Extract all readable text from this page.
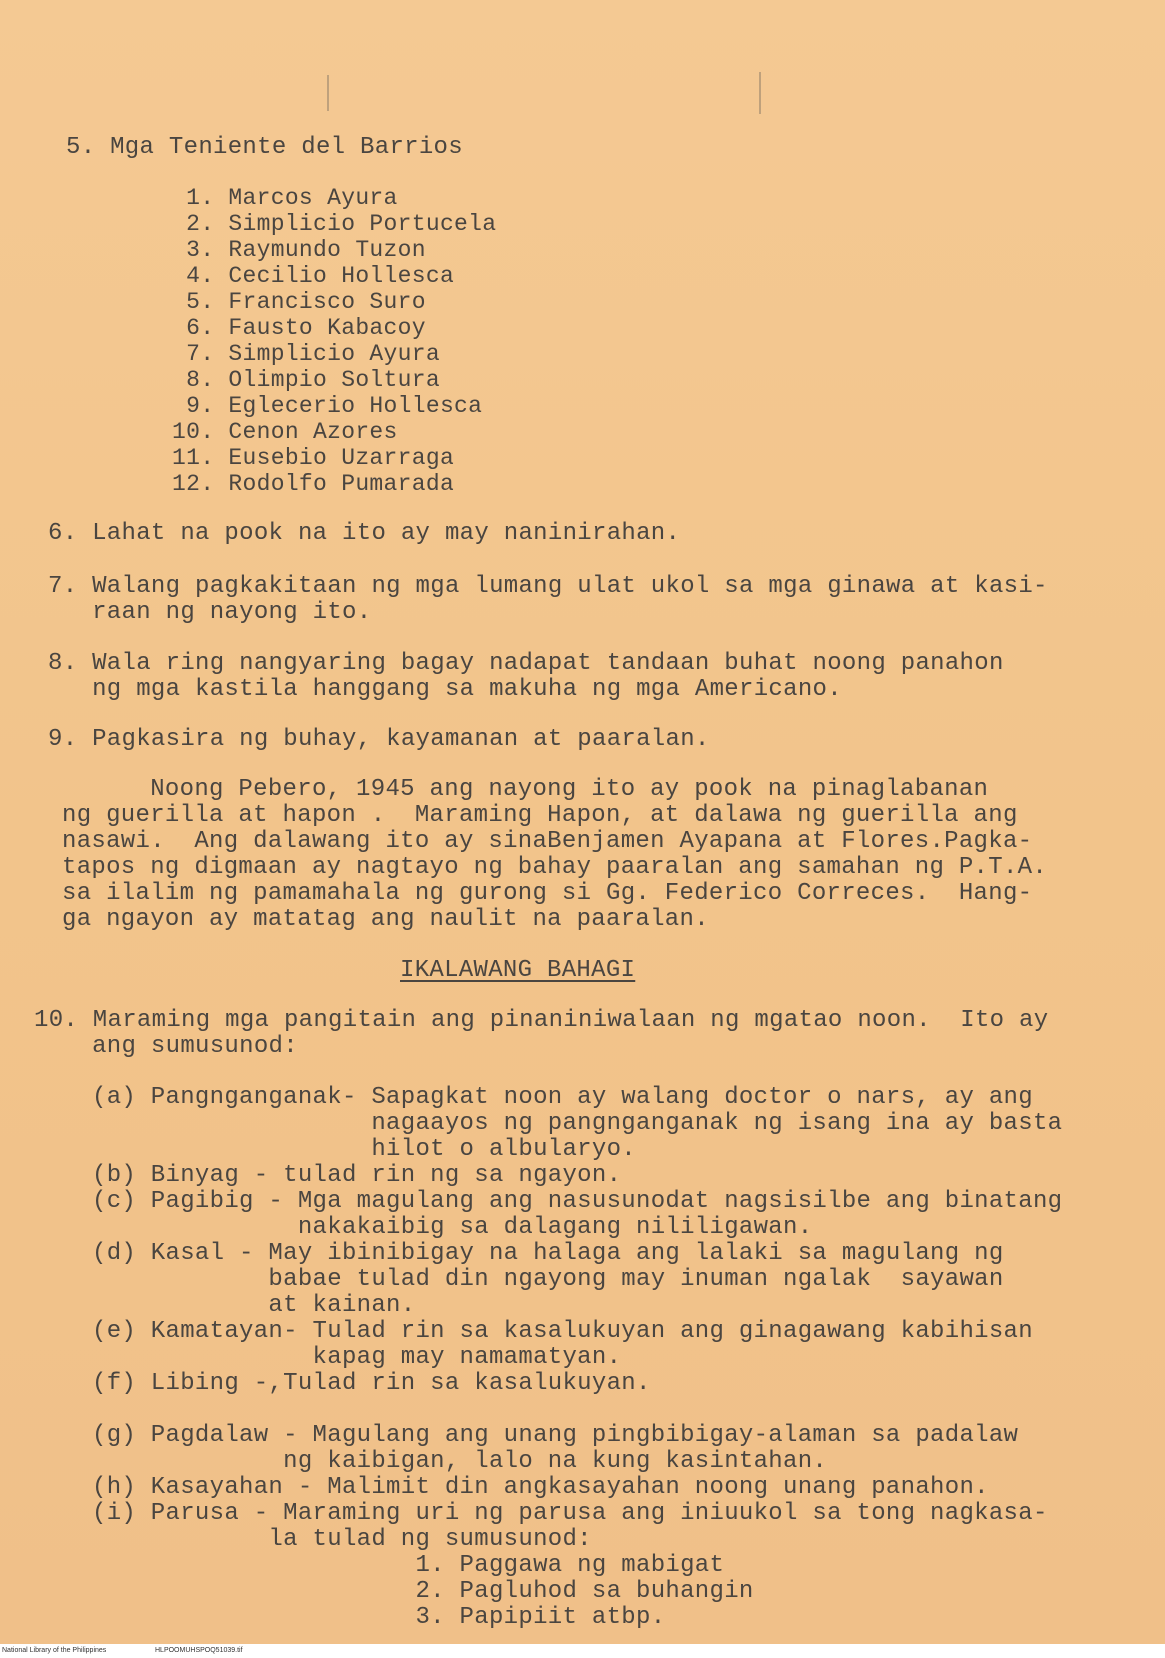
5. Mga Teniente del Barrios
1. Marcos Ayura
2. Simplicio Portucela
3. Raymundo Tuzon
4. Cecilio Hollesca
5. Francisco Suro
6. Fausto Kabacoy
7. Simplicio Ayura
8. Olimpio Soltura
9. Eglecerio Hollesca
10. Cenon Azores
11. Eusebio Uzarraga
12. Rodolfo Pumarada
6. Lahat na pook na ito ay may naninirahan.
7. Walang pagkakitaan ng mga lumang ulat ukol sa mga ginawa at kasi-
raan ng nayong ito.
8. Wala ring nangyaring bagay nadapat tandaan buhat noong panahon
ng mga kastila hanggang sa makuha ng mga Americano.
9. Pagkasira ng buhay, kayamanan at paaralan.
Noong Pebero, 1945 ang nayong ito ay pook na pinaglabanan
ng guerilla at hapon .  Maraming Hapon, at dalawa ng guerilla ang
nasawi.  Ang dalawang ito ay sinaBenjamen Ayapana at Flores.Pagka-
tapos ng digmaan ay nagtayo ng bahay paaralan ang samahan ng P.T.A.
sa ilalim ng pamamahala ng gurong si Gg. Federico Correces.  Hang-
ga ngayon ay matatag ang naulit na paaralan.
IKALAWANG BAHAGI
10. Maraming mga pangitain ang pinaniniwalaan ng mgatao noon.  Ito ay
ang sumusunod:
(a) Pangnganganak- Sapagkat noon ay walang doctor o nars, ay ang
nagaayos ng pangnganganak ng isang ina ay basta
hilot o albularyo.
(b) Binyag - tulad rin ng sa ngayon.
(c) Pagibig - Mga magulang ang nasusunodat nagsisilbe ang binatang
nakakaibig sa dalagang nililigawan.
(d) Kasal - May ibinibigay na halaga ang lalaki sa magulang ng
babae tulad din ngayong may inuman ngalak  sayawan
at kainan.
(e) Kamatayan- Tulad rin sa kasalukuyan ang ginagawang kabihisan
kapag may namamatyan.
(f) Libing -,Tulad rin sa kasalukuyan.
(g) Pagdalaw - Magulang ang unang pingbibigay-alaman sa padalaw
ng kaibigan, lalo na kung kasintahan.
(h) Kasayahan - Malimit din angkasayahan noong unang panahon.
(i) Parusa - Maraming uri ng parusa ang iniuukol sa tong nagkasa-
la tulad ng sumusunod:
1. Paggawa ng mabigat
2. Pagluhod sa buhangin
3. Papipiit atbp.
National Library of the Philippines	HLPOOMUHSPOQ51039.tif
